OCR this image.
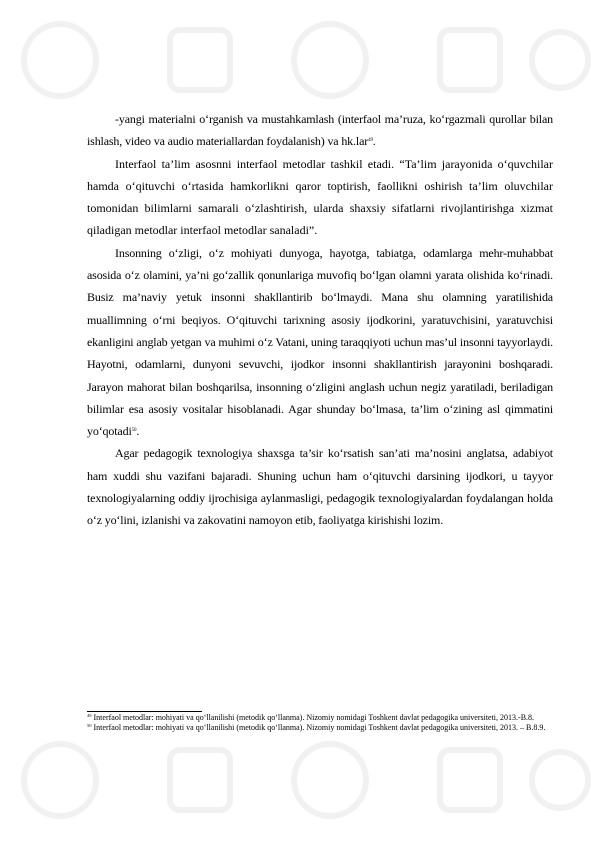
-yangi materialni o‘rganish va mustahkamlash (interfaol ma’ruza, ko‘rgazmali qurollar bilan ishlash, video va audio materiallardan foydalanish) va hk.lar$^{49}$.

Interfaol ta’lim asosnni interfaol metodlar tashkil etadi. “Ta’lim jarayonida o‘quvchilar hamda o‘qituvchi o‘rtasida hamkorlikni qaror toptirish, faollikni oshirish ta’lim oluvchilar tomonidan bilimlarni samarali o‘zlashtirish, ularda shaxsiy sifatlarni rivojlantirishga xizmat qiladigan metodlar interfaol metodlar sanaladi”.

Insonning o‘zligi, o‘z mohiyati dunyoga, hayotga, tabiatga, odamlarga mehr-muhabbat asosida o‘z olamini, ya’ni go‘zallik qonunlariga muvofiq bo‘lgan olamni yarata olishida ko‘rinadi. Busiz ma’naviy yetuk insonni shakllantirib bo‘lmaydi. Mana shu olamning yaratilishida muallimning o‘rni beqiyos. O‘qituvchi tarixning asosiy ijodkorini, yaratuvchisini, yaratuvchisi ekanligini anglab yetgan va muhimi o‘z Vatani, uning taraqqiyoti uchun mas’ul insonni tayyorlaydi. Hayotni, odamlarni, dunyoni sevuvchi, ijodkor insonni shakllantirish jarayonini boshqaradi. Jarayon mahorat bilan boshqarilsa, insonning o‘zligini anglash uchun negiz yaratiladi, beriladigan bilimlar esa asosiy vositalar hisoblanadi. Agar shunday bo‘lmasa, ta’lim o‘zining asl qimmatini yo‘qotadi$^{50}$.

Agar pedagogik texnologiya shaxsga ta’sir ko‘rsatish san’ati ma’nosini anglatsa, adabiyot ham xuddi shu vazifani bajaradi. Shuning uchun ham o‘qituvchi darsining ijodkori, u tayyor texnologiyalarning oddiy ijrochisiga aylanmasligi, pedagogik texnologiyalardan foydalangan holda o‘z yo‘lini, izlanishi va zakovatini namoyon etib, faoliyatga kirishishi lozim.

$^{49}$ Interfaol metodlar: mohiyati va qo‘llanilishi (metodik qo‘llanma). Nizomiy nomidagi Toshkent davlat pedagogika universiteti, 2013.-B.8.

$^{50}$ Interfaol metodlar: mohiyati va qo‘llanilishi (metodik qo‘llanma). Nizomiy nomidagi Toshkent davlat pedagogika universiteti, 2013. – B.8.9.
